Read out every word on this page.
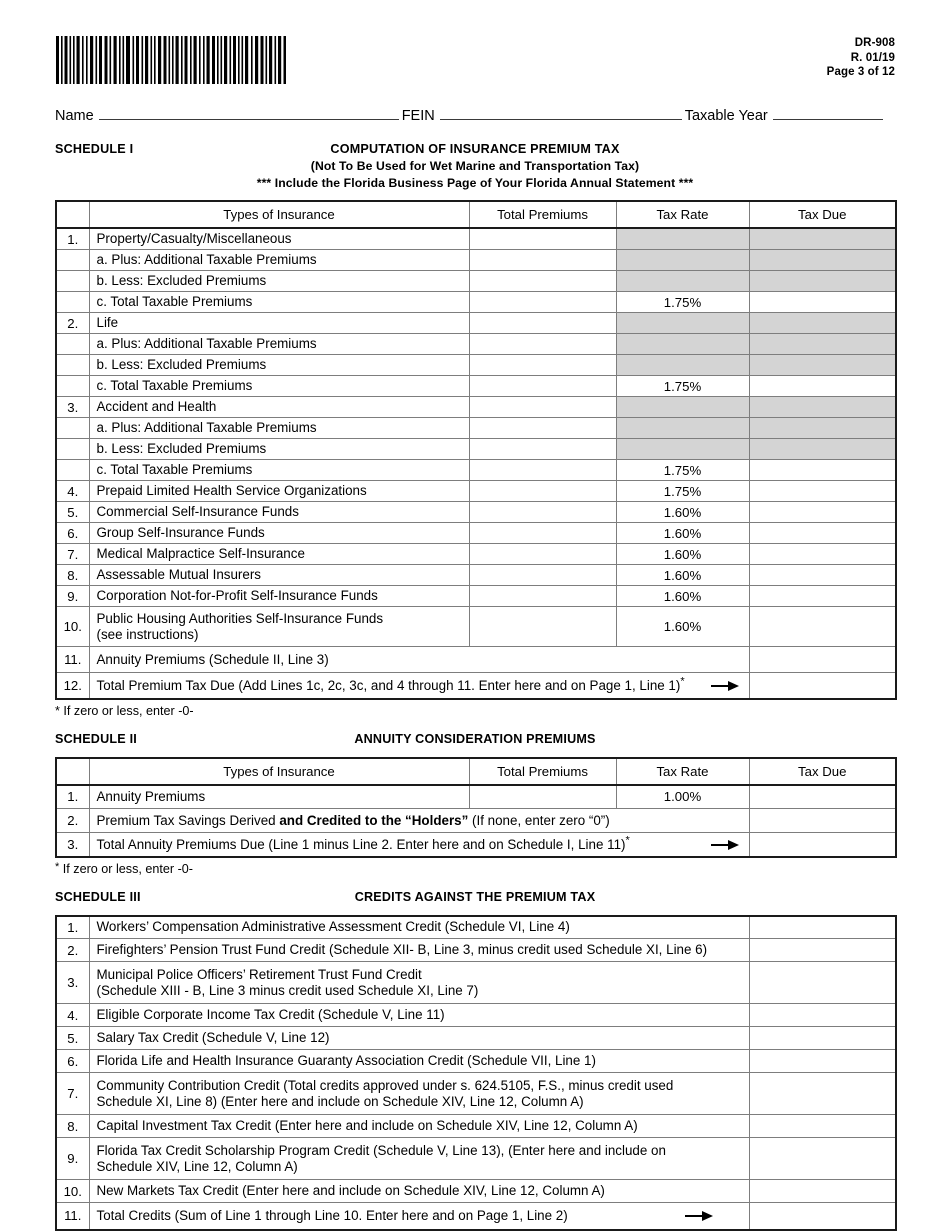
DR-908
R. 01/19
Page 3 of 12
Name	FEIN	Taxable Year
SCHEDULE I	COMPUTATION OF INSURANCE PREMIUM TAX
(Not To Be Used for Wet Marine and Transportation Tax)
*** Include the Florida Business Page of Your Florida Annual Statement ***
	Types of Insurance	Total Premiums	Tax Rate	Tax Due
1.	Property/Casualty/Miscellaneous			
	a. Plus: Additional Taxable Premiums			
	b. Less: Excluded Premiums			
	c. Total Taxable Premiums		1.75%	
2.	Life			
	a. Plus: Additional Taxable Premiums			
	b. Less: Excluded Premiums			
	c. Total Taxable Premiums		1.75%	
3.	Accident and Health			
	a. Plus: Additional Taxable Premiums			
	b. Less: Excluded Premiums			
	c. Total Taxable Premiums		1.75%	
4.	Prepaid Limited Health Service Organizations		1.75%	
5.	Commercial Self-Insurance Funds		1.60%	
6.	Group Self-Insurance Funds		1.60%	
7.	Medical Malpractice Self-Insurance		1.60%	
8.	Assessable Mutual Insurers		1.60%	
9.	Corporation Not-for-Profit Self-Insurance Funds		1.60%	
10.	Public Housing Authorities Self-Insurance Funds
(see instructions)		1.60%	
11.	Annuity Premiums (Schedule II, Line 3)			
12.	Total Premium Tax Due (Add Lines 1c, 2c, 3c, and 4 through 11. Enter here and on Page 1, Line 1)*

* If zero or less, enter -0-
SCHEDULE II	ANNUITY CONSIDERATION PREMIUMS
	Types of Insurance	Total Premiums	Tax Rate	Tax Due
1.	Annuity Premiums		1.00%	
2.	Premium Tax Savings Derived and Credited to the “Holders” (If none, enter zero “0”)			
3.	Total Annuity Premiums Due (Line 1 minus Line 2. Enter here and on Schedule I, Line 11)*

* If zero or less, enter -0-
SCHEDULE III	CREDITS AGAINST THE PREMIUM TAX
1.	Workers’ Compensation Administrative Assessment Credit (Schedule VI, Line 4)	

2.	Firefighters’ Pension Trust Fund Credit (Schedule XII- B, Line 3, minus credit used Schedule XI, Line 6)	

3.	Municipal Police Officers’ Retirement Trust Fund Credit
(Schedule XIII - B, Line 3 minus credit used Schedule XI, Line 7)	

4.	Eligible Corporate Income Tax Credit (Schedule V, Line 11)	

5.	Salary Tax Credit (Schedule V, Line 12)	

6.	Florida Life and Health Insurance Guaranty Association Credit (Schedule VII, Line 1)	

7.	Community Contribution Credit (Total credits approved under s. 624.5105, F.S., minus credit used
Schedule XI, Line 8) (Enter here and include on Schedule XIV, Line 12, Column A)	

8.	Capital Investment Tax Credit (Enter here and include on Schedule XIV, Line 12, Column A)	

9.	Florida Tax Credit Scholarship Program Credit (Schedule V, Line 13), (Enter here and include on
Schedule XIV, Line 12, Column A)	

10.	New Markets Tax Credit (Enter here and include on Schedule XIV, Line 12, Column A)	

11.	Total Credits (Sum of Line 1 through Line 10. Enter here and on Page 1, Line 2)	
